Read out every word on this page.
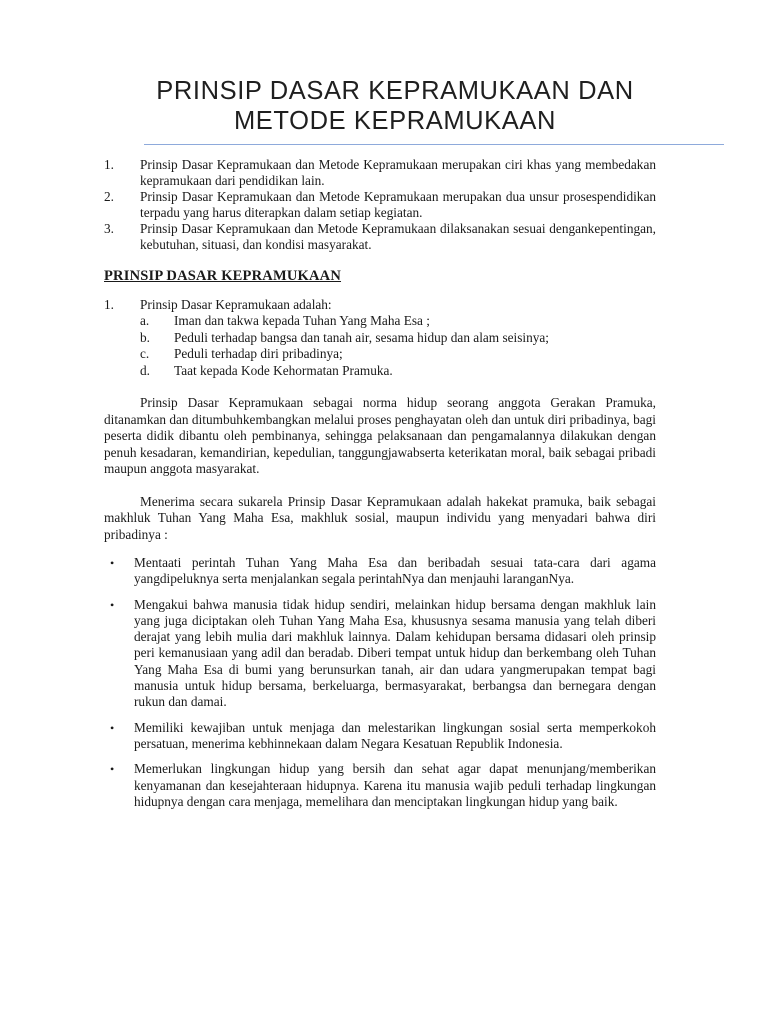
PRINSIP DASAR KEPRAMUKAAN DAN
METODE KEPRAMUKAAN
1.	Prinsip Dasar Kepramukaan dan Metode Kepramukaan merupakan ciri khas yang membedakan kepramukaan dari pendidikan lain.
2.	Prinsip Dasar Kepramukaan dan Metode Kepramukaan merupakan dua unsur prosespendidikan terpadu yang harus diterapkan dalam setiap kegiatan.
3.	Prinsip Dasar Kepramukaan dan Metode Kepramukaan dilaksanakan sesuai dengankepentingan, kebutuhan, situasi, dan kondisi masyarakat.
PRINSIP DASAR KEPRAMUKAAN
1.	Prinsip Dasar Kepramukaan adalah:
a.	Iman dan takwa kepada Tuhan Yang Maha Esa ;
b.	Peduli terhadap bangsa dan tanah air, sesama hidup dan alam seisinya;
c.	Peduli terhadap diri pribadinya;
d.	Taat kepada Kode Kehormatan Pramuka.

Prinsip Dasar Kepramukaan sebagai norma hidup seorang anggota Gerakan Pramuka, ditanamkan dan ditumbuhkembangkan melalui proses penghayatan oleh dan untuk diri pribadinya, bagi peserta didik dibantu oleh pembinanya, sehingga pelaksanaan dan pengamalannya dilakukan dengan penuh kesadaran, kemandirian, kepedulian, tanggungjawabserta keterikatan moral, baik sebagai pribadi maupun anggota masyarakat.

Menerima secara sukarela Prinsip Dasar Kepramukaan adalah hakekat pramuka, baik sebagai makhluk Tuhan Yang Maha Esa, makhluk sosial, maupun individu yang menyadari bahwa diri pribadinya :

•	Mentaati perintah Tuhan Yang Maha Esa dan beribadah sesuai tata-cara dari agama yangdipeluknya serta menjalankan segala perintahNya dan menjauhi laranganNya.
•	Mengakui bahwa manusia tidak hidup sendiri, melainkan hidup bersama dengan makhluk lain yang juga diciptakan oleh Tuhan Yang Maha Esa, khususnya sesama manusia yang telah diberi derajat yang lebih mulia dari makhluk lainnya. Dalam kehidupan bersama didasari oleh prinsip peri kemanusiaan yang adil dan beradab. Diberi tempat untuk hidup dan berkembang oleh Tuhan Yang Maha Esa di bumi yang berunsurkan tanah, air dan udara yangmerupakan tempat bagi manusia untuk hidup bersama, berkeluarga, bermasyarakat, berbangsa dan bernegara dengan rukun dan damai.
•	Memiliki kewajiban untuk menjaga dan melestarikan lingkungan sosial serta memperkokoh persatuan, menerima kebhinnekaan dalam Negara Kesatuan Republik Indonesia.
•	Memerlukan lingkungan hidup yang bersih dan sehat agar dapat menunjang/memberikan kenyamanan dan kesejahteraan hidupnya. Karena itu manusia wajib peduli terhadap lingkungan hidupnya dengan cara menjaga, memelihara dan menciptakan lingkungan hidup yang baik.
